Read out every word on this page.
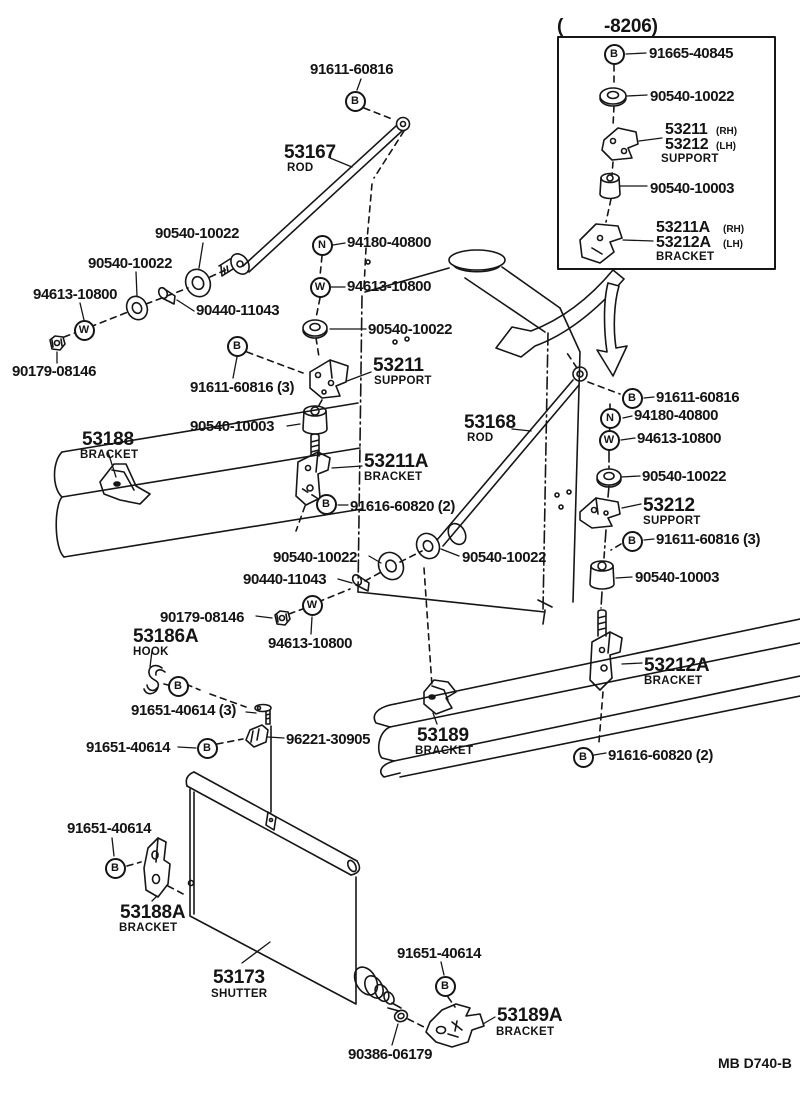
91611-60816
53167
ROD
( -8206)
91665-40845
90540-10022
53211 (RH)
53212 (LH)
SUPPORT
90540-10003
53211A (RH)
53212A (LH)
BRACKET
90540-10022
90540-10022
94613-10800
90440-11043
90179-08146
94180-40800
94613-10800
90540-10022
53211
SUPPORT
91611-60816 (3)
90540-10003
53188
BRACKET	53211A
BRACKET
91616-60820 (2)
53168
ROD
91611-60816
94180-40800
94613-10800
90540-10022
53212
SUPPORT
91611-60816 (3)
90540-10003
90540-10022	90540-10022
90440-11043
90179-08146
94613-10800
53186A
HOOK
91651-40614 (3)
91651-40614	96221-30905
53212A
BRACKET
53189
BRACKET	91616-60820 (2)
91651-40614
53188A
BRACKET
53173
SHUTTER
91651-40614
53189A
BRACKET
90386-06179	MB D740-B
B
B
B
B
B
B
B
B
B
B
B
N
W
N
W
W
W
